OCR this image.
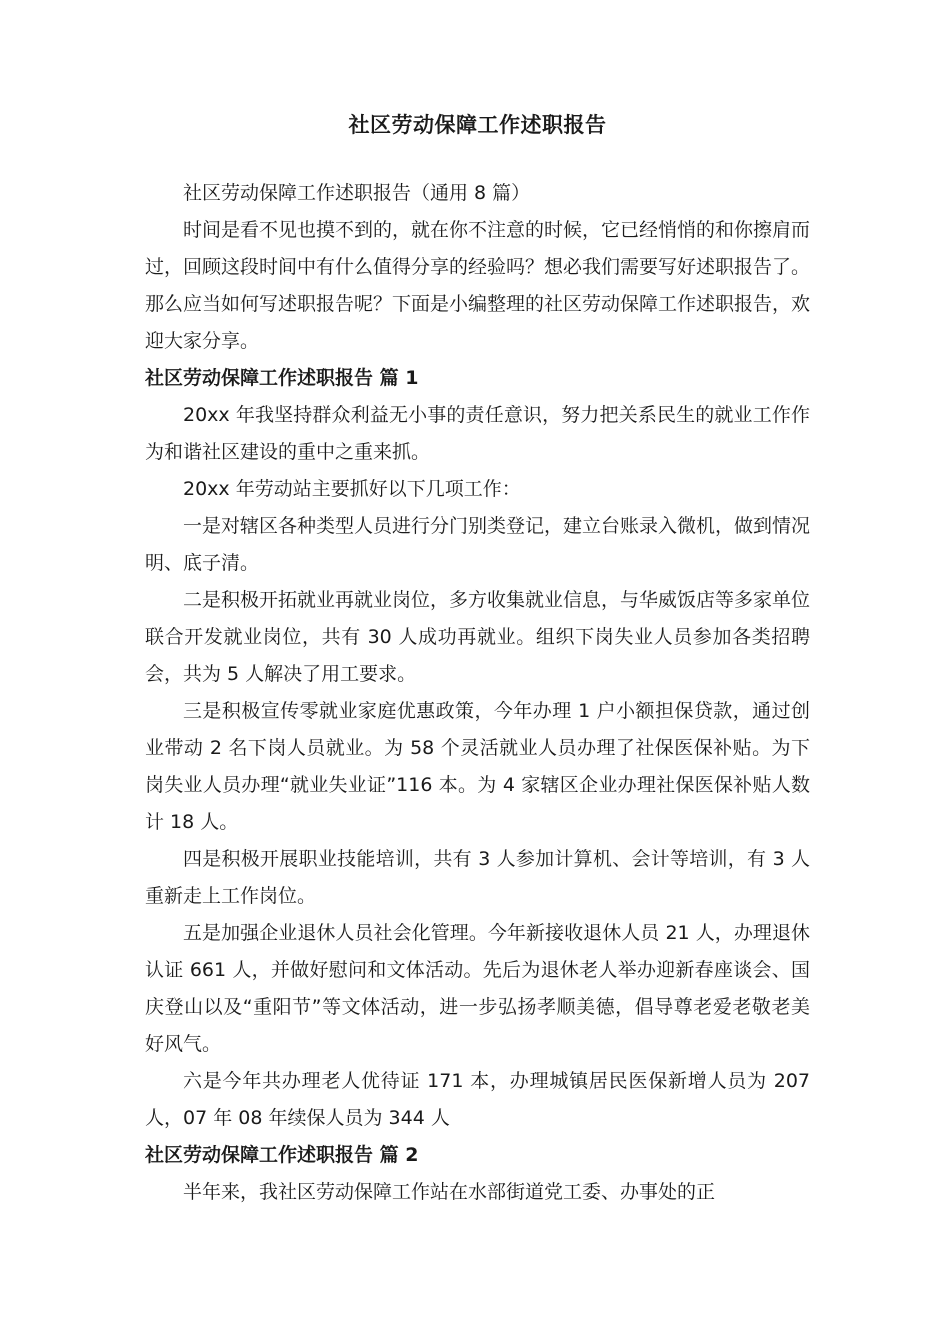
社区劳动保障工作述职报告

社区劳动保障工作述职报告（通用 8 篇）

时间是看不见也摸不到的，就在你不注意的时候，它已经悄悄的和你擦肩而过，回顾这段时间中有什么值得分享的经验吗？想必我们需要写好述职报告了。那么应当如何写述职报告呢？下面是小编整理的社区劳动保障工作述职报告，欢迎大家分享。

社区劳动保障工作述职报告 篇 1

20xx 年我坚持群众利益无小事的责任意识，努力把关系民生的就业工作作为和谐社区建设的重中之重来抓。

20xx 年劳动站主要抓好以下几项工作：

一是对辖区各种类型人员进行分门别类登记，建立台账录入微机，做到情况明、底子清。

二是积极开拓就业再就业岗位，多方收集就业信息，与华威饭店等多家单位联合开发就业岗位，共有 30 人成功再就业。组织下岗失业人员参加各类招聘会，共为 5 人解决了用工要求。

三是积极宣传零就业家庭优惠政策，今年办理 1 户小额担保贷款，通过创业带动 2 名下岗人员就业。为 58 个灵活就业人员办理了社保医保补贴。为下岗失业人员办理“就业失业证”116 本。为 4 家辖区企业办理社保医保补贴人数计 18 人。

四是积极开展职业技能培训，共有 3 人参加计算机、会计等培训，有 3 人重新走上工作岗位。

五是加强企业退休人员社会化管理。今年新接收退休人员 21 人，办理退休认证 661 人，并做好慰问和文体活动。先后为退休老人举办迎新春座谈会、国庆登山以及“重阳节”等文体活动，进一步弘扬孝顺美德，倡导尊老爱老敬老美好风气。

六是今年共办理老人优待证 171 本，办理城镇居民医保新增人员为 207 人，07 年 08 年续保人员为 344 人

社区劳动保障工作述职报告 篇 2

半年来，我社区劳动保障工作站在水部街道党工委、办事处的正
